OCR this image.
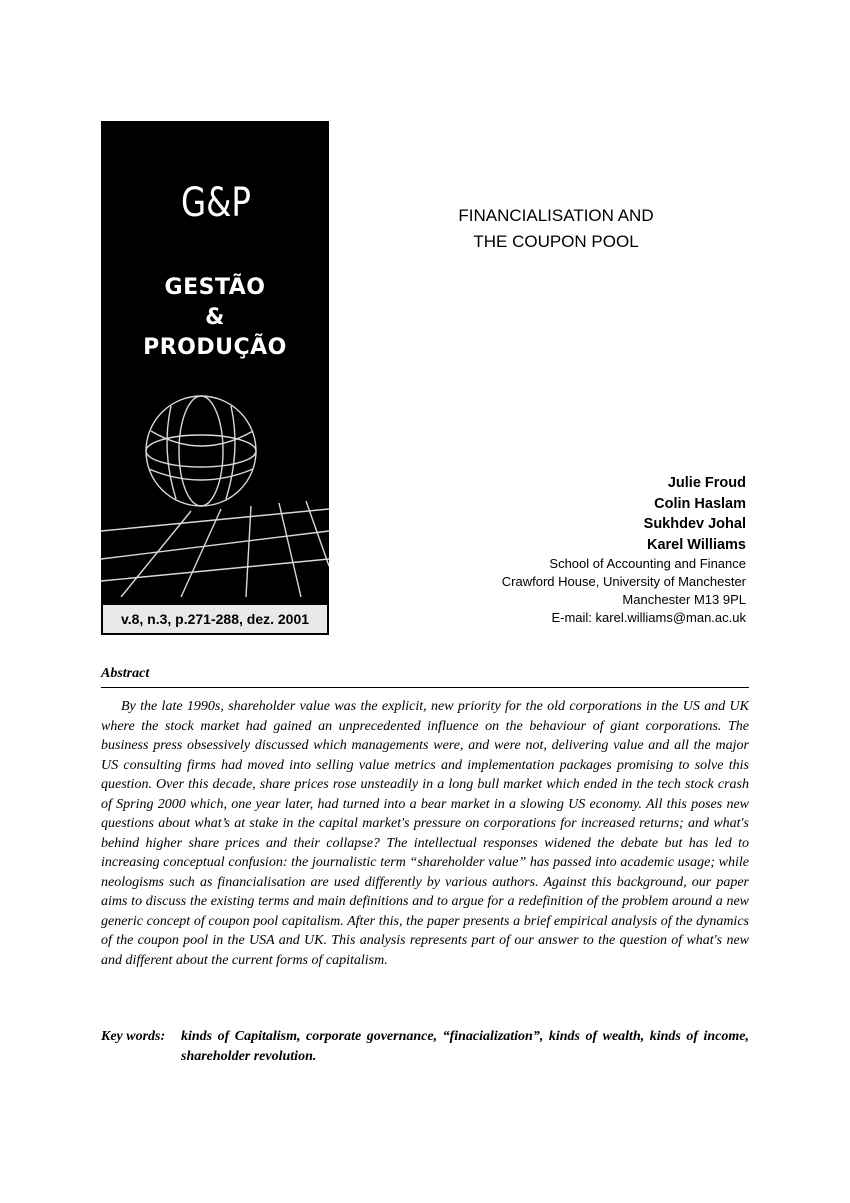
G&P
GESTÃO
&
PRODUÇÃO
v.8, n.3, p.271-288, dez. 2001
FINANCIALISATION AND
THE COUPON POOL
Julie Froud
Colin Haslam
Sukhdev Johal
Karel Williams
School of Accounting and Finance
Crawford House, University of Manchester
Manchester M13 9PL
E-mail: karel.williams@man.ac.uk
Abstract

By the late 1990s, shareholder value was the explicit, new priority for the old corporations in the US and UK where the stock market had gained an unprecedented influence on the behaviour of giant corporations. The business press obsessively discussed which managements were, and were not, delivering value and all the major US consulting firms had moved into selling value metrics and implementation packages promising to solve this question. Over this decade, share prices rose unsteadily in a long bull market which ended in the tech stock crash of Spring 2000 which, one year later, had turned into a bear market in a slowing US economy. All this poses new questions about what’s at stake in the capital market's pressure on corporations for increased returns; and what's behind higher share prices and their collapse? The intellectual responses widened the debate but has led to increasing conceptual confusion: the journalistic term “shareholder value” has passed into academic usage; while neologisms such as financialisation are used differently by various authors. Against this background, our paper aims to discuss the existing terms and main definitions and to argue for a redefinition of the problem around a new generic concept of coupon pool capitalism. After this, the paper presents a brief empirical analysis of the dynamics of the coupon pool in the USA and UK. This analysis represents part of our answer to the question of what's new and different about the current forms of capitalism.

Key words:	kinds of Capitalism, corporate governance, “finacialization”, kinds of wealth, kinds of income, shareholder revolution.
